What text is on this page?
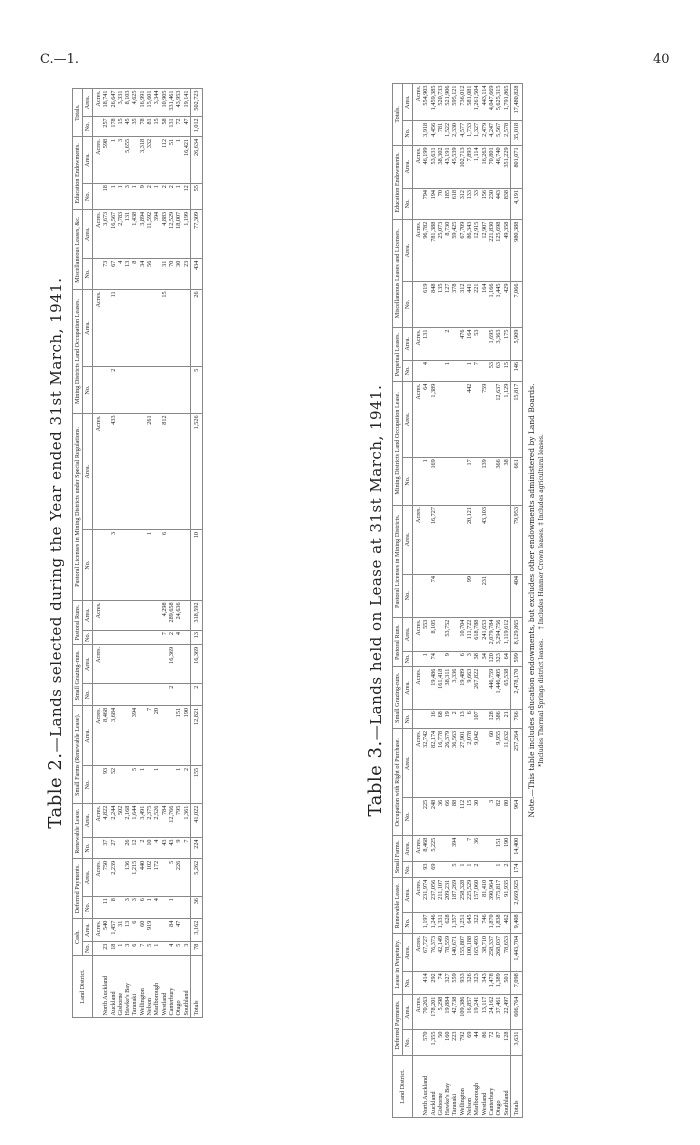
C.—1.	40
Table 2.—Lands selected during the Year ended 31st March, 1941.
Land District.	Cash.		Deferred Payments.		Renewable Lease.		Small Farms (Renewable Lease).		Small Grazing-runs.		Pastoral Runs.		Pastoral Licenses in Mining Districts under Special Regulations.		Mining Districts Land Occupation Leases.		Miscellaneous Leases, &c.		Education Endowments.		Totals.	
	No.	Area.	No.	Area.	No.	Area.	No.	Area.	No.	Area.	No.	Area.	No.	Area.	No.	Area.	No.	Area.	No.	Area.	No.	Area.
		Acres.		Acres.		Acres.		Acres.		Acres.		Acres.		Acres.		Acres.		Acres.		Acres.		Acres.
North Auckland	23	540	11	750	37	4,822	93	8,468									73	3,673	18	598	257	18,741
Auckland	18	1,457	8	2,239	27	2,244	52	3,684					3	433	2	11	67	16,567	1	1	178	26,647
Gisborne	1	31				502											4	2,783	1	3	15	3,331
Hawke's Bay	3	13	3	136	26	2,168											13	131	3	5,655	45	8,103
Taranaki	6	6	3	1,215	12	1,644	5	394									8	1,438	1		35	4,625
Wellington	7	60	6	440	2	3,491	1										34	3,894	9	3,318	78	16,991
Nelson	5	919	1	102	10	2,375		7					1	261			56	11,592	2	332	81	15,601
Marlborough	1		4	172	4	2,526	1	20										394	1		15	3,344
Westland					43	784					7	4,298	6	812		15	31	4,883	2	112	58	10,905
Canterbury	4	84	1	5	43	12,766			2	16,369	2	289,658					70	12,529	2	51	131	331,461
Otago	5	47		226	9	795	1	151			4	24,636					30	18,007	1	1	72	43,953
Southland	3				7	1,361	2	190									23	1,199	12	16,421	47	19,141
Totals	78	3,162	36	5,262	224	41,022	155	12,821	2	16,369	13	318,592	10	1,526	5	26	434	77,309	55	26,634	1,012	502,723
Table 3.—Lands held on Lease at 31st March, 1941.
Land District.	Deferred Payments.		Lease in Perpetuity.		Renewable Lease.		Small Farms.		Occupation with Right of Purchase.		Small Grazing-runs.		Pastoral Runs.		Pastoral Licenses in Mining Districts.		Mining Districts Land Occupation Lease.		Perpetual Leases.		Miscellaneous Leases and Licenses.		Education Endowments.		Totals.	
	No.	Area.	No.	Area.	No.	Area.	No.	Area.	No.	Area.	No.	Area.	No.	Area.	No.	Area.	No.	Area.	No.	Area.	No.	Area.	No.	Area.	No.	Area.
		Acres.		Acres.		Acres.		Acres.		Acres.		Acres.		Acres.		Acres.		Acres.		Acres.		Acres.		Acres.		Acres.
North Auckland	570	70,263	414	67,727	1,197	231,974	93	8,468	225	32,742			1	553			1	64	4	131	619	96,782	794	46,199	3,918	554,903
Auckland	1,355	178,201	292	76,373	1,246	237,056	69	5,225	248	82,174	16	19,486	74	8,105	74	16,727	169	1,389			848	781,388	194	53,631	4,456	1,459,385
Gisborne	50	5,298	74	42,149	1,331	211,107			36	16,778	68	161,418									135	25,073	70	38,302	781	520,733
Hawke's Bay	160	19,884	327	78,559	628	209,231			66	26,379	19	38,311	9	53,752					1	2	127	8,730	185	43,191	1,522	521,906
Taranaki	223	42,738	559	140,671	1,357	187,269	5	394	88	36,563	2	3,336									378	59,425	618	45,539	2,330	595,121
Wellington	792	109,386	933	155,807	1,251	258,328	1		112	27,901	13	19,489	6	10,704						476	312	67,709	312	102,713	4,577	736,012
Nelson	69	16,857	326	100,188	645	225,529	1	7	15	2,078	6	9,663	3	111,722	99	20,121	17	442	1	164	441	86,343	133	7,893	1,733	581,081
Marlborough	44	19,241	323	165,493	322	157,060	2	36	30	9,042	107	267,822	38	618,788					7	53	221	12,915	33	1,114	1,327	1,261,504
Westland	86	13,117	343	38,710	746	81,410							34	241,653	231	43,103	139	759			164	12,907	156	16,263	2,479	443,114
Canterbury	72	24,162	1,478	258,337	1,870	390,964			3	60	128	446,759	120	2,079,784					53	1,695	1,166	221,830	230	70,801	4,247	4,047,669
Otago	87	37,461	1,389	268,037	1,838	375,817	1	151	82	9,955	386	1,446,405	323	3,294,756			366	12,637	63	3,363	1,445	125,698	443	46,740	5,567	5,625,315
Southland	128	22,497	501	78,653	462	91,935	2	190	80	11,632	21	65,538	64	1,119,612			38	1,129	15	175	429	49,358	838	351,229	2,578	1,791,865
Totals	3,631	606,764	7,098	1,443,704	9,408	2,669,925	174	14,400	964	257,264	766	2,478,170	599	8,129,865	404	79,953	661	15,817	146	5,909	7,066	980,388	4,191	801,071	35,018	17,480,828
Note.—This table includes education endowments, but excludes other endowments administered by Land Boards. *Includes Thermal Springs district leases.     † Includes Hanmer Crown leases. ‡ Includes agricultural leases.
